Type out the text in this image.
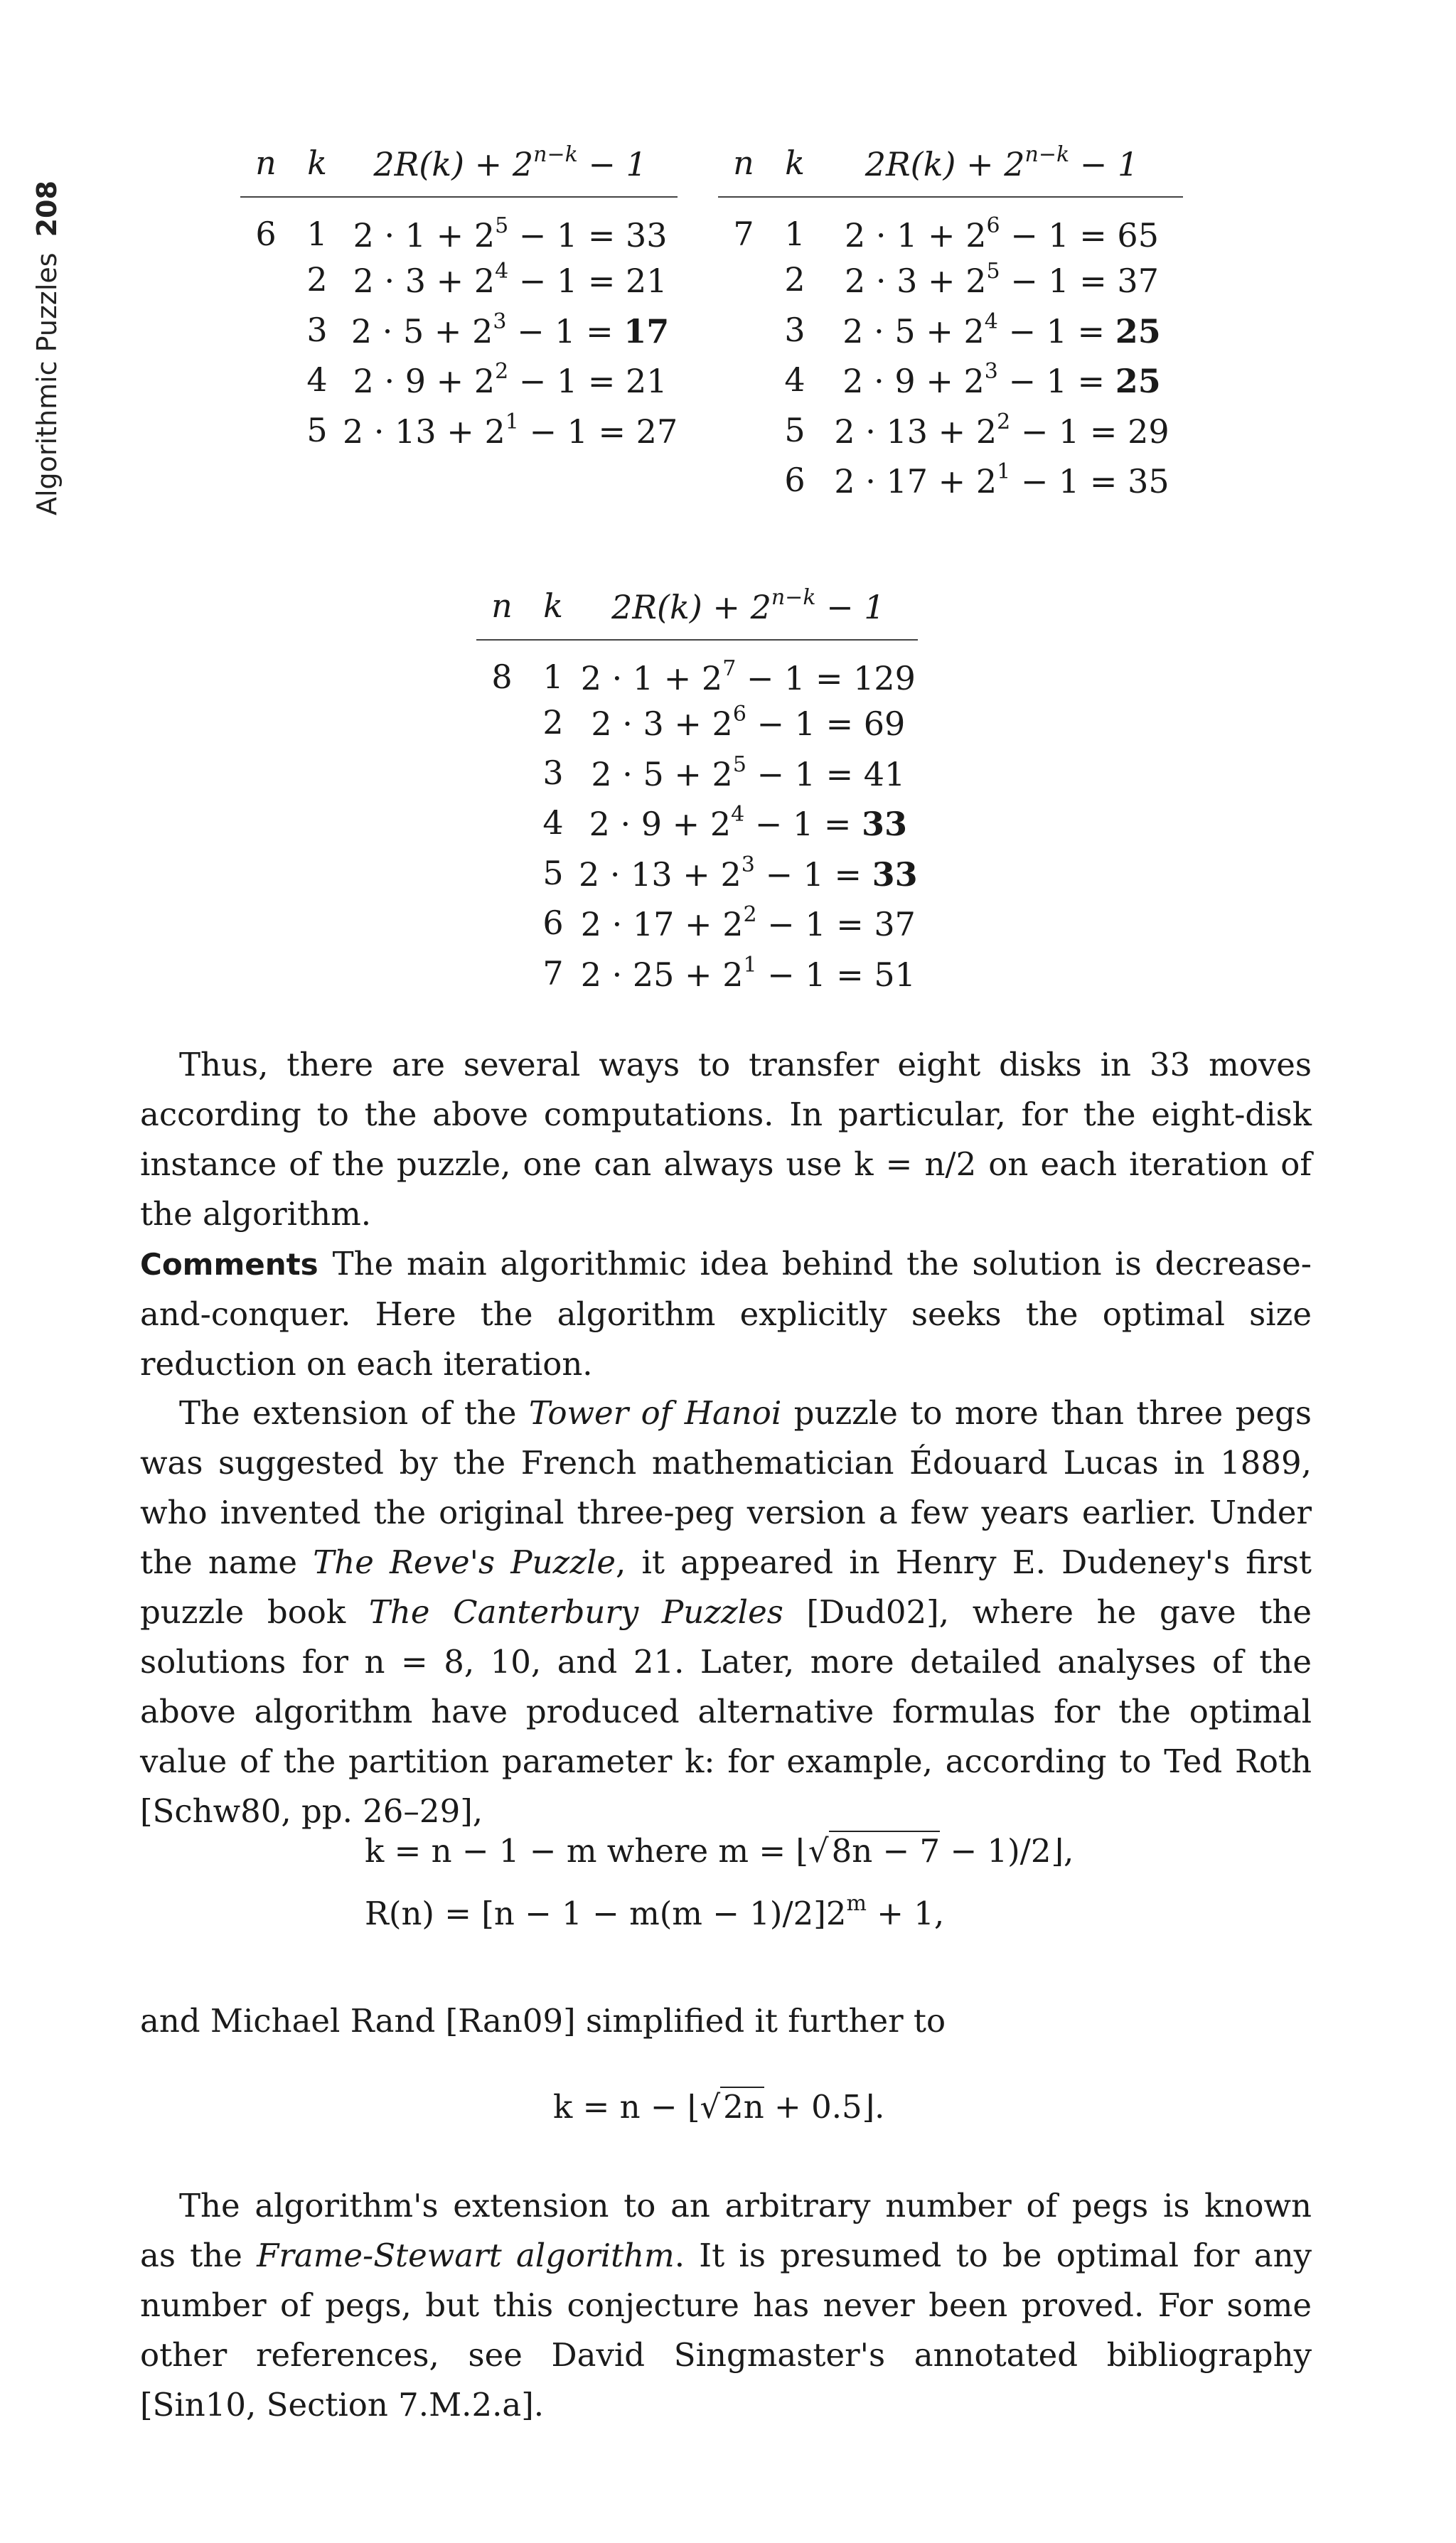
Algorithmic Puzzles
208
n	k	$2R(k) + 2^{n-k} - 1$
6	1	$2 \cdot 1 + 2^5 - 1 = 33$
	2	$2 \cdot 3 + 2^4 - 1 = 21$
	3	$2 \cdot 5 + 2^3 - 1 = 17$
	4	$2 \cdot 9 + 2^2 - 1 = 21$
	5	$2 \cdot 13 + 2^1 - 1 = 27$
n	k	$2R(k) + 2^{n-k} - 1$
7	1	$2 \cdot 1 + 2^6 - 1 = 65$
	2	$2 \cdot 3 + 2^5 - 1 = 37$
	3	$2 \cdot 5 + 2^4 - 1 = 25$
	4	$2 \cdot 9 + 2^3 - 1 = 25$
	5	$2 \cdot 13 + 2^2 - 1 = 29$
	6	$2 \cdot 17 + 2^1 - 1 = 35$
n	k	$2R(k) + 2^{n-k} - 1$
8	1	$2 \cdot 1 + 2^7 - 1 = 129$
	2	$2 \cdot 3 + 2^6 - 1 = 69$
	3	$2 \cdot 5 + 2^5 - 1 = 41$
	4	$2 \cdot 9 + 2^4 - 1 = 33$
	5	$2 \cdot 13 + 2^3 - 1 = 33$
	6	$2 \cdot 17 + 2^2 - 1 = 37$
	7	$2 \cdot 25 + 2^1 - 1 = 51$
Thus, there are several ways to transfer eight disks in 33 moves according to the above computations. In particular, for the eight-disk instance of the puzzle, one can always use k = n/2 on each iteration of the algorithm.
Comments The main algorithmic idea behind the solution is decrease-and-conquer. Here the algorithm explicitly seeks the optimal size reduction on each iteration.
The extension of the Tower of Hanoi puzzle to more than three pegs was suggested by the French mathematician Édouard Lucas in 1889, who invented the original three-peg version a few years earlier. Under the name The Reve's Puzzle, it appeared in Henry E. Dudeney's first puzzle book The Canterbury Puzzles [Dud02], where he gave the solutions for n = 8, 10, and 21. Later, more detailed analyses of the above algorithm have produced alternative formulas for the optimal value of the partition parameter k: for example, according to Ted Roth [Schw80, pp. 26–29],
k = n − 1 − m where m = ⌊√8n − 7 − 1)/2⌋,
$R(n) = [n - 1 - m(m - 1)/2]2^m + 1$,
and Michael Rand [Ran09] simplified it further to
k = n − ⌊√2n + 0.5⌋.
The algorithm's extension to an arbitrary number of pegs is known as the Frame-Stewart algorithm. It is presumed to be optimal for any number of pegs, but this conjecture has never been proved. For some other references, see David Singmaster's annotated bibliography [Sin10, Section 7.M.2.a].
